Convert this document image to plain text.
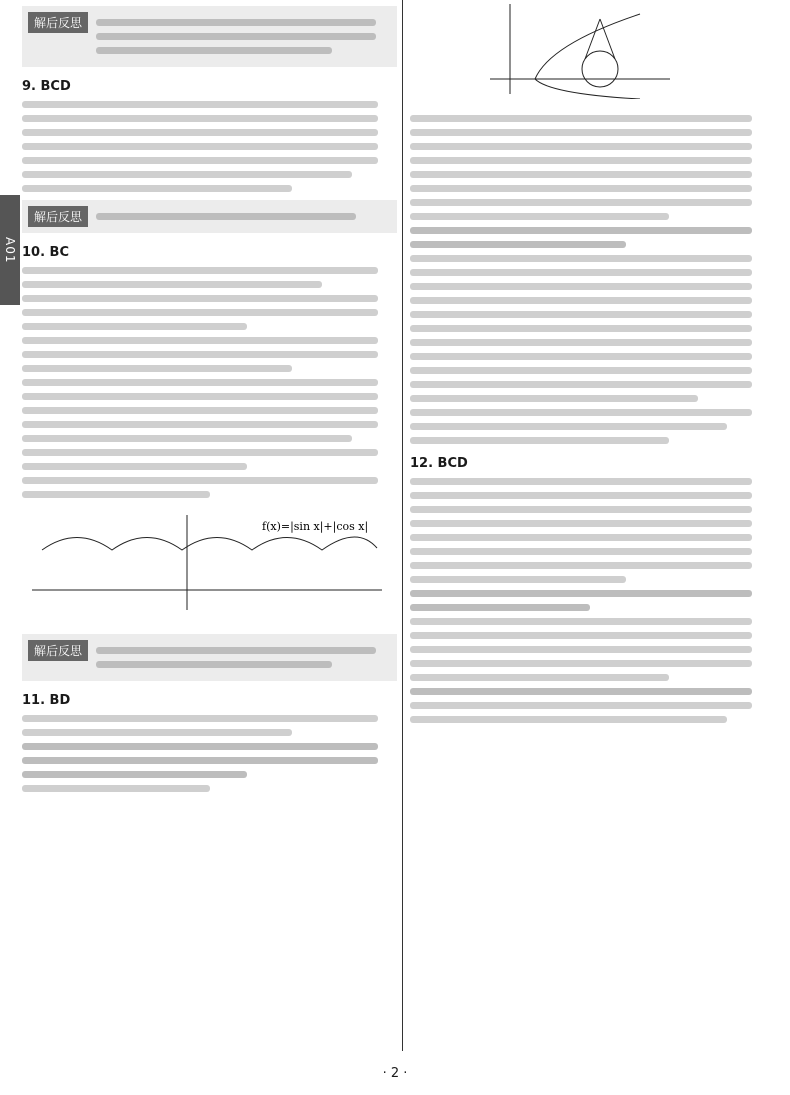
A01
解后反思
9. BCD
解后反思
10. BC
f(x)=|sin x|+|cos x|
解后反思
11. BD
12. BCD
· 2 ·
